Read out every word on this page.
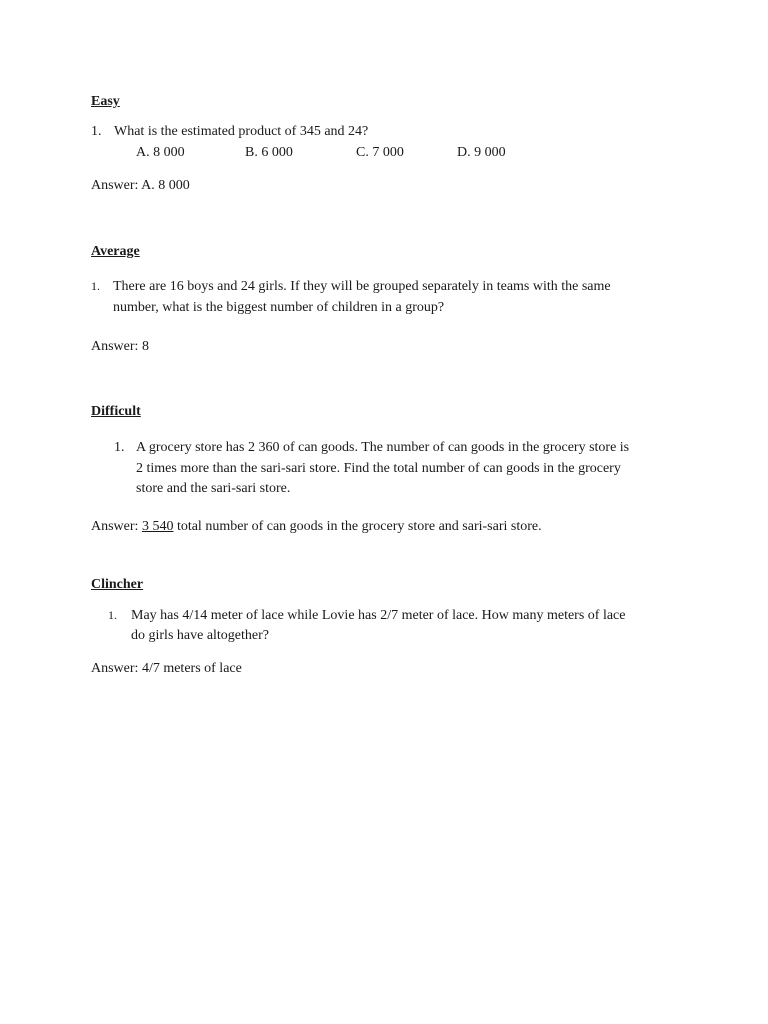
Easy
1. What is the estimated product of 345 and 24?
A. 8 000	B. 6 000	C. 7 000	D. 9 000
Answer: A. 8 000
Average
1. There are 16 boys and 24 girls. If they will be grouped separately in teams with the same
number, what is the biggest number of children in a group?
Answer: 8
Difficult
1. A grocery store has 2 360 of can goods. The number of can goods in the grocery store is
2 times more than the sari-sari store. Find the total number of can goods in the grocery
store and the sari-sari store.
Answer: 3 540 total number of can goods in the grocery store and sari-sari store.
Clincher
1. May has 4/14 meter of lace while Lovie has 2/7 meter of lace. How many meters of lace
do girls have altogether?
Answer: 4/7 meters of lace
